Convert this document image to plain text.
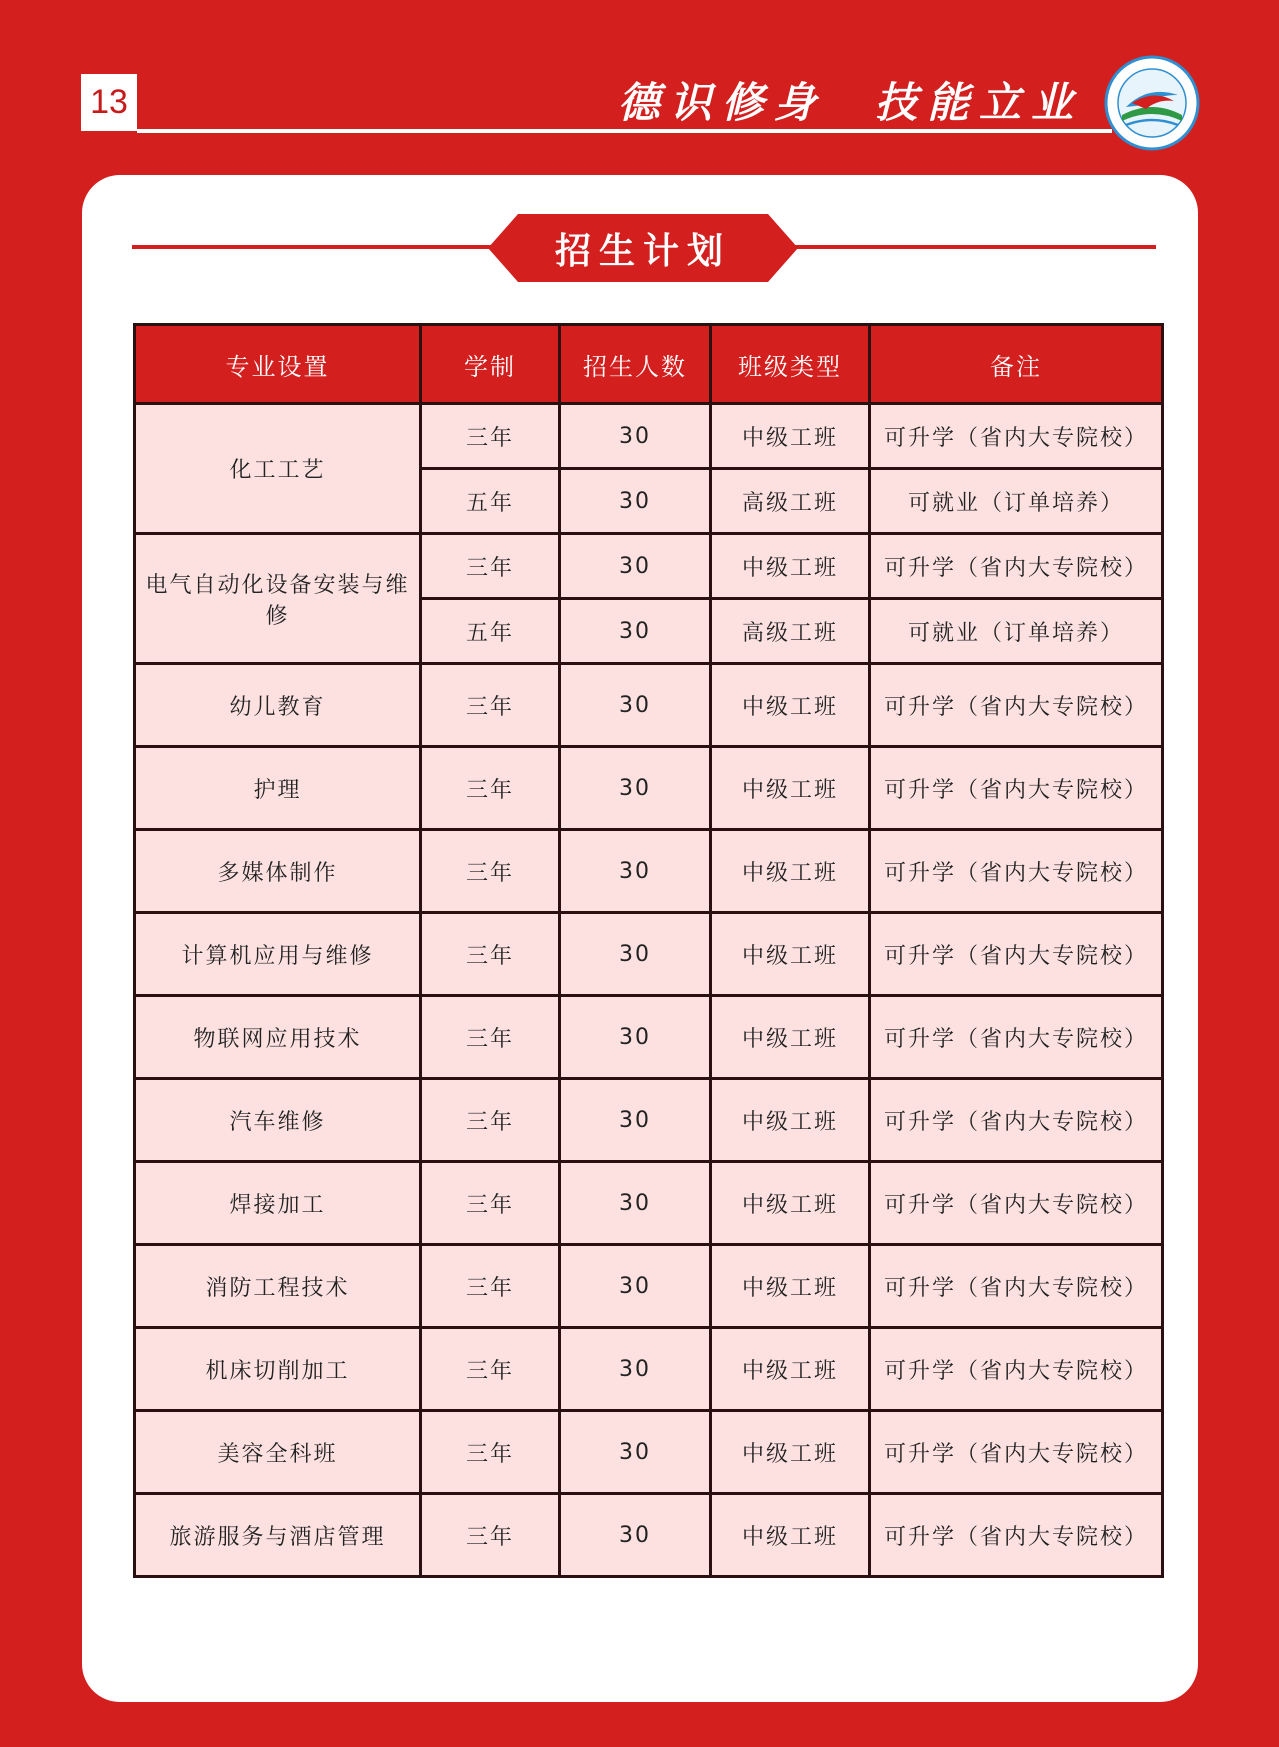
13	德识修身  技能立业
招生计划
专业设置	学制	招生人数	班级类型	备注
化工工艺	三年	30	中级工班	可升学（省内大专院校）
	五年	30	高级工班	可就业（订单培养）
电气自动化设备安装与维修	三年	30	中级工班	可升学（省内大专院校）
	五年	30	高级工班	可就业（订单培养）
幼儿教育	三年	30	中级工班	可升学（省内大专院校）
护理	三年	30	中级工班	可升学（省内大专院校）
多媒体制作	三年	30	中级工班	可升学（省内大专院校）
计算机应用与维修	三年	30	中级工班	可升学（省内大专院校）
物联网应用技术	三年	30	中级工班	可升学（省内大专院校）
汽车维修	三年	30	中级工班	可升学（省内大专院校）
焊接加工	三年	30	中级工班	可升学（省内大专院校）
消防工程技术	三年	30	中级工班	可升学（省内大专院校）
机床切削加工	三年	30	中级工班	可升学（省内大专院校）
美容全科班	三年	30	中级工班	可升学（省内大专院校）
旅游服务与酒店管理	三年	30	中级工班	可升学（省内大专院校）
